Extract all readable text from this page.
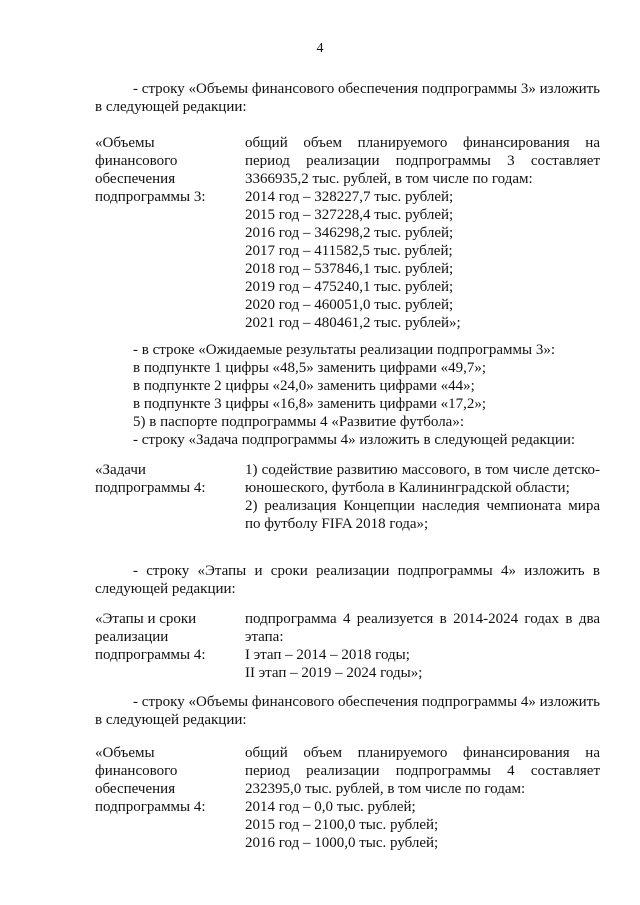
4
- строку «Объемы финансового обеспечения подпрограммы 3» изложить в следующей редакции:
«Объемы
финансового
обеспечения
подпрограммы 3:
общий объем планируемого финансирования на период реализации подпрограммы 3 составляет 3366935,2 тыс. рублей, в том числе по годам:
2014 год – 328227,7 тыс. рублей;
2015 год – 327228,4 тыс. рублей;
2016 год – 346298,2 тыс. рублей;
2017 год – 411582,5 тыс. рублей;
2018 год – 537846,1 тыс. рублей;
2019 год – 475240,1 тыс. рублей;
2020 год – 460051,0 тыс. рублей;
2021 год – 480461,2 тыс. рублей»;
- в строке «Ожидаемые результаты реализации подпрограммы 3»:
в подпункте 1 цифры «48,5» заменить цифрами «49,7»;
в подпункте 2 цифры «24,0» заменить цифрами «44»;
в подпункте 3 цифры «16,8» заменить цифрами «17,2»;
5) в паспорте подпрограммы 4 «Развитие футбола»:
- строку «Задача подпрограммы 4» изложить в следующей редакции:
«Задачи
подпрограммы 4:
1) содействие развитию массового, в том числе детско-юношеского, футбола в Калининградской области;
2) реализация Концепции наследия чемпионата мира по футболу FIFA 2018 года»;
- строку «Этапы и сроки реализации подпрограммы 4» изложить в следующей редакции:
«Этапы и сроки
реализации
подпрограммы 4:
подпрограмма 4 реализуется в 2014-2024 годах в два этапа:
I этап – 2014 – 2018 годы;
II этап – 2019 – 2024 годы»;
- строку «Объемы финансового обеспечения подпрограммы 4» изложить в следующей редакции:
«Объемы
финансового
обеспечения
подпрограммы 4:
общий объем планируемого финансирования на период реализации подпрограммы 4 составляет 232395,0 тыс. рублей, в том числе по годам:
2014 год – 0,0 тыс. рублей;
2015 год – 2100,0 тыс. рублей;
2016 год – 1000,0 тыс. рублей;
